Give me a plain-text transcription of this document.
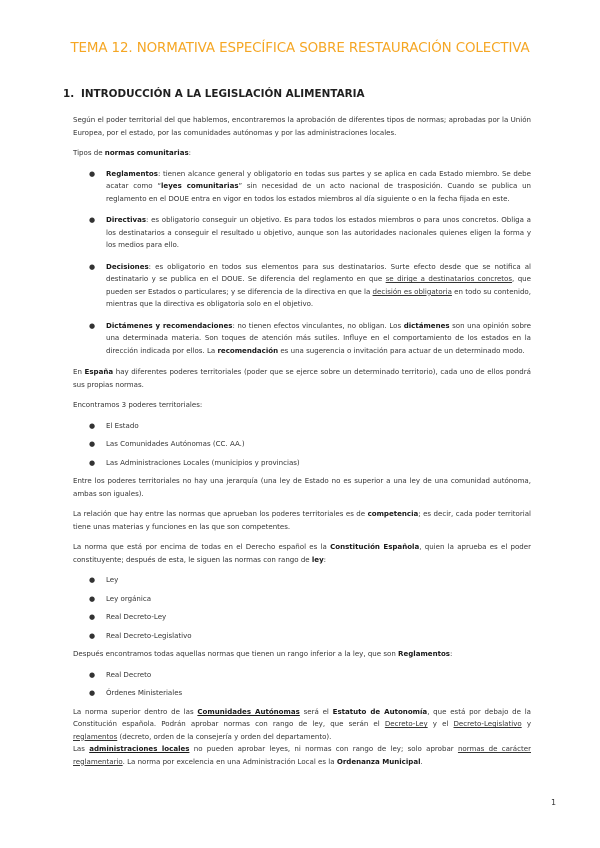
TEMA 12. NORMATIVA ESPECÍFICA SOBRE RESTAURACIÓN COLECTIVA
1. INTRODUCCIÓN A LA LEGISLACIÓN ALIMENTARIA

Según el poder territorial del que hablemos, encontraremos la aprobación de diferentes tipos de normas; aprobadas por la Unión Europea, por el estado, por las comunidades autónomas y por las administraciones locales.

Tipos de normas comunitarias:

● Reglamentos: tienen alcance general y obligatorio en todas sus partes y se aplica en cada Estado miembro. Se debe acatar como “leyes comunitarias” sin necesidad de un acto nacional de trasposición. Cuando se publica un reglamento en el DOUE entra en vigor en todos los estados miembros al día siguiente o en la fecha fijada en este.
● Directivas: es obligatorio conseguir un objetivo. Es para todos los estados miembros o para unos concretos. Obliga a los destinatarios a conseguir el resultado u objetivo, aunque son las autoridades nacionales quienes eligen la forma y los medios para ello.
● Decisiones: es obligatorio en todos sus elementos para sus destinatarios. Surte efecto desde que se notifica al destinatario y se publica en el DOUE. Se diferencia del reglamento en que se dirige a destinatarios concretos, que pueden ser Estados o particulares; y se diferencia de la directiva en que la decisión es obligatoria en todo su contenido, mientras que la directiva es obligatoria solo en el objetivo.
● Dictámenes y recomendaciones: no tienen efectos vinculantes, no obligan. Los dictámenes son una opinión sobre una determinada materia. Son toques de atención más sutiles. Influye en el comportamiento de los estados en la dirección indicada por ellos. La recomendación es una sugerencia o invitación para actuar de un determinado modo.

En España hay diferentes poderes territoriales (poder que se ejerce sobre un determinado territorio), cada uno de ellos pondrá sus propias normas.

Encontramos 3 poderes territoriales:

● El Estado
● Las Comunidades Autónomas (CC. AA.)
● Las Administraciones Locales (municipios y provincias)

Entre los poderes territoriales no hay una jerarquía (una ley de Estado no es superior a una ley de una comunidad autónoma, ambas son iguales).

La relación que hay entre las normas que aprueban los poderes territoriales es de competencia; es decir, cada poder territorial tiene unas materias y funciones en las que son competentes.

La norma que está por encima de todas en el Derecho español es la Constitución Española, quien la aprueba es el poder constituyente; después de esta, le siguen las normas con rango de ley:

● Ley
● Ley orgánica
● Real Decreto-Ley
● Real Decreto-Legislativo

Después encontramos todas aquellas normas que tienen un rango inferior a la ley, que son Reglamentos:

● Real Decreto
● Órdenes Ministeriales

La norma superior dentro de las Comunidades Autónomas será el Estatuto de Autonomía, que está por debajo de la Constitución española. Podrán aprobar normas con rango de ley, que serán el Decreto-Ley y el Decreto-Legislativo y reglamentos (decreto, orden de la consejería y orden del departamento).

Las administraciones locales no pueden aprobar leyes, ni normas con rango de ley; solo aprobar normas de carácter reglamentario. La norma por excelencia en una Administración Local es la Ordenanza Municipal.

1
